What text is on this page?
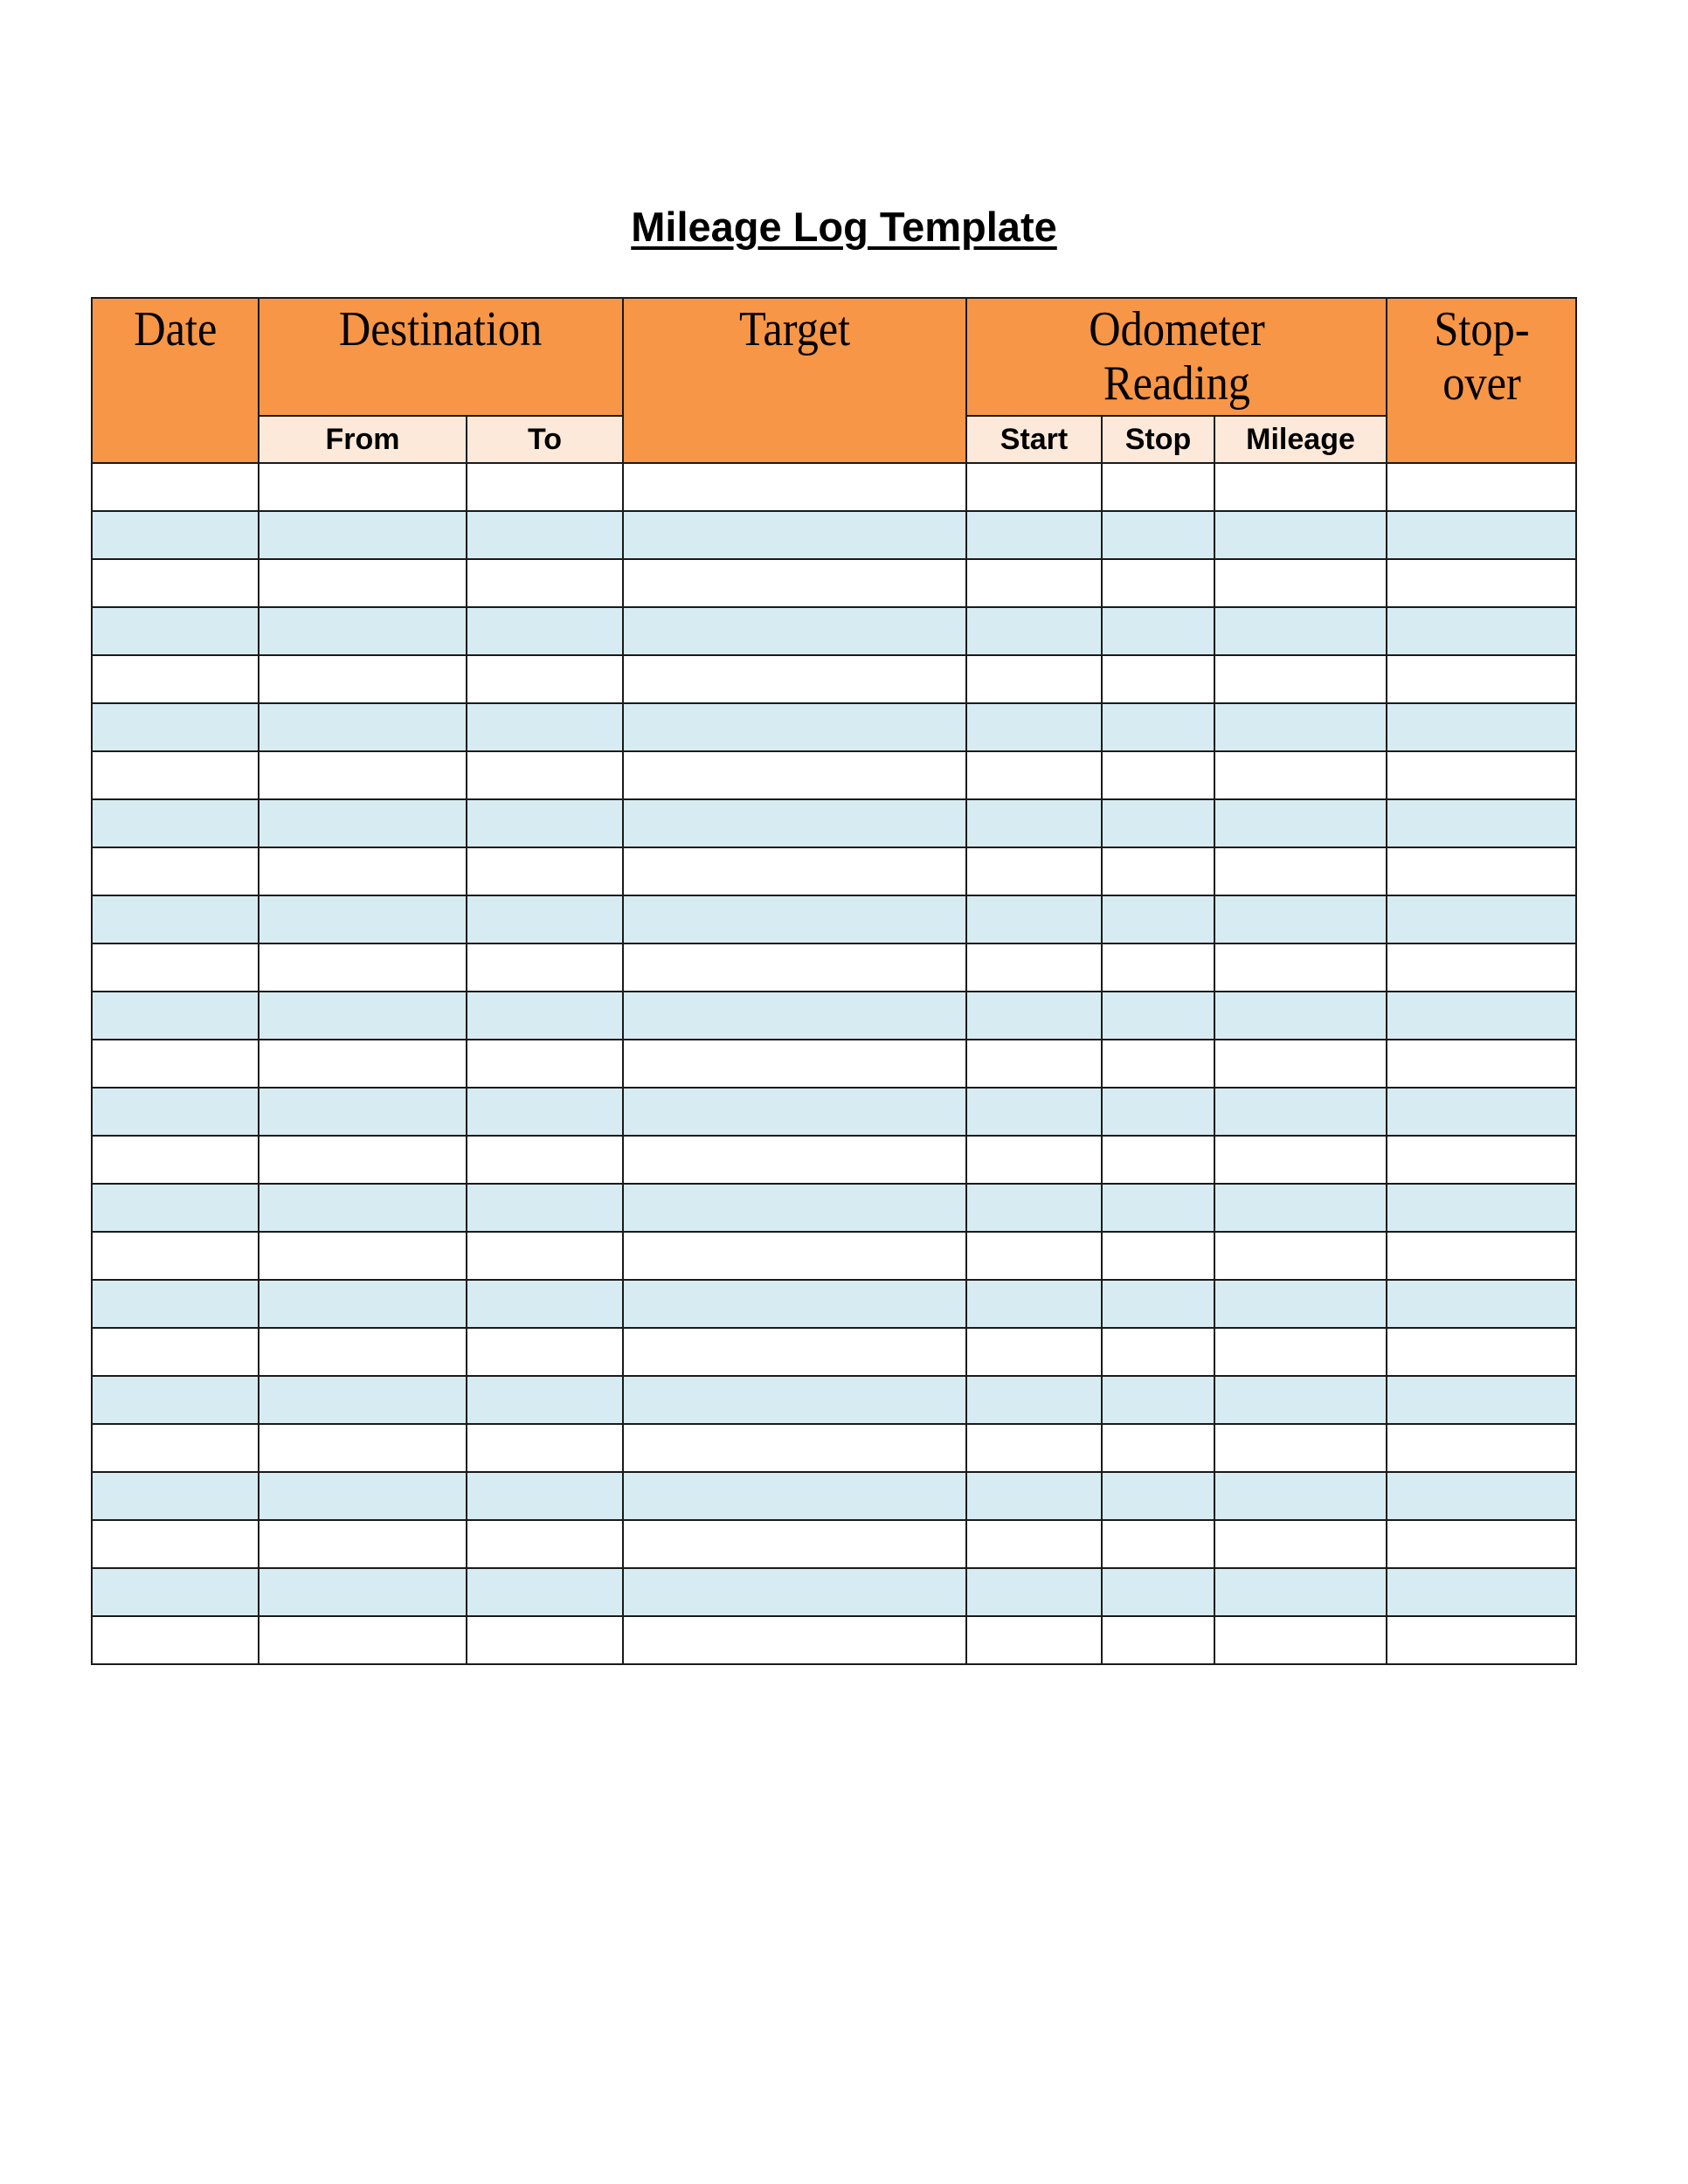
Mileage Log Template
Date	Destination		Target	Odometer Reading			Stop-over
	From	To		Start	Stop	Mileage	
